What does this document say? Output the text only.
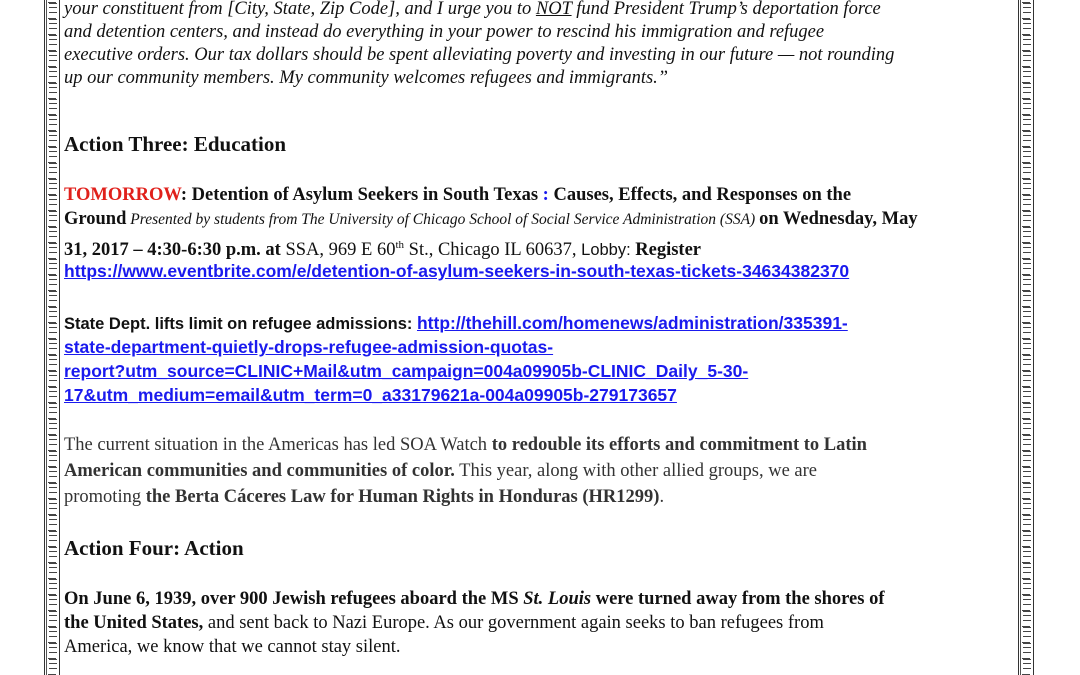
your constituent from [City, State, Zip Code], and I urge you to NOT fund President Trump’s deportation force
and detention centers, and instead do everything in your power to rescind his immigration and refugee
executive orders. Our tax dollars should be spent alleviating poverty and investing in our future — not rounding
up our community members. My community welcomes refugees and immigrants.”
Action Three: Education
TOMORROW: Detention of Asylum Seekers in South Texas : Causes, Effects, and Responses on the
Ground Presented by students from The University of Chicago School of Social Service Administration (SSA) on Wednesday, May
31, 2017 – 4:30-6:30 p.m. at SSA, 969 E 60th St., Chicago IL 60637, Lobby: Register
https://www.eventbrite.com/e/detention-of-asylum-seekers-in-south-texas-tickets-34634382370
State Dept. lifts limit on refugee admissions: http://thehill.com/homenews/administration/335391-
state-department-quietly-drops-refugee-admission-quotas-
report?utm_source=CLINIC+Mail&utm_campaign=004a09905b-CLINIC_Daily_5-30-
17&utm_medium=email&utm_term=0_a33179621a-004a09905b-279173657
The current situation in the Americas has led SOA Watch to redouble its efforts and commitment to Latin
American communities and communities of color. This year, along with other allied groups, we are
promoting the Berta Cáceres Law for Human Rights in Honduras (HR1299).
Action Four: Action
On June 6, 1939, over 900 Jewish refugees aboard the MS St. Louis were turned away from the shores of
the United States, and sent back to Nazi Europe. As our government again seeks to ban refugees from
America, we know that we cannot stay silent.
